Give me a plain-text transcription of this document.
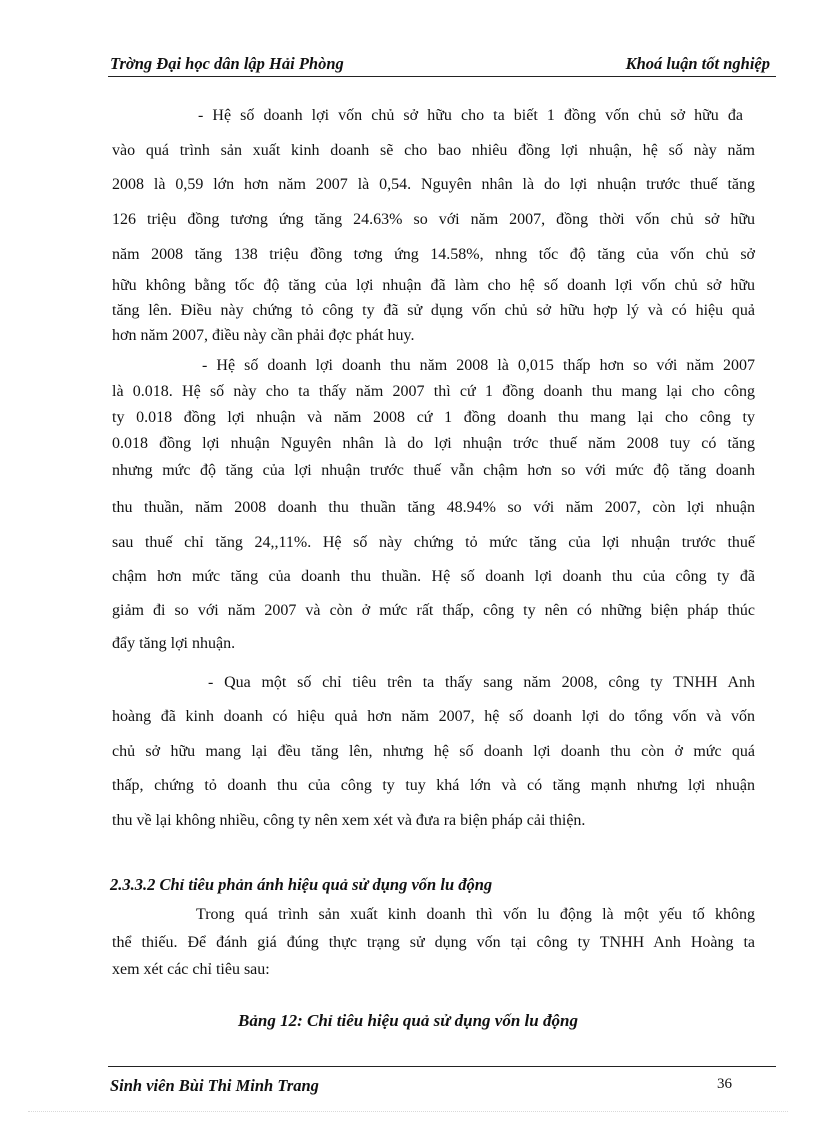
Trờng Đại học dân lập Hải Phòng	Khoá luận tốt nghiệp
- Hệ số doanh lợi vốn chủ sở hữu cho ta biết 1 đồng vốn chủ sở hữu đa
vào quá trình sản xuất kinh doanh sẽ cho bao nhiêu đồng lợi nhuận, hệ số này năm
2008 là 0,59 lớn hơn năm 2007 là 0,54. Nguyên nhân là do lợi nhuận trước thuế tăng
126 triệu đồng tương ứng tăng 24.63% so với năm 2007, đồng thời vốn chủ sở hữu
năm 2008 tăng 138 triệu đồng tơng ứng 14.58%, nhng tốc độ tăng của vốn chủ sở
hữu không bằng tốc độ tăng của lợi nhuận đã làm cho hệ số doanh lợi vốn chủ sở hữu
tăng lên. Điều này chứng tỏ công ty đã sử dụng vốn chủ sở hữu hợp lý và có hiệu quả
hơn năm 2007, điều này cần phải đợc phát huy.
- Hệ số doanh lợi doanh thu năm 2008 là 0,015 thấp hơn so với năm 2007
là 0.018. Hệ số này cho ta thấy năm 2007 thì cứ 1 đồng doanh thu mang lại cho công
ty 0.018 đồng lợi nhuận và năm 2008 cứ 1 đồng doanh thu mang lại cho công ty
0.018 đồng lợi nhuận Nguyên nhân là do lợi nhuận trớc thuế năm 2008 tuy có tăng
nhưng mức độ tăng của lợi nhuận trước thuế vẫn chậm hơn so với mức độ tăng doanh
thu thuần, năm 2008 doanh thu thuần tăng 48.94% so với năm 2007, còn lợi nhuận
sau thuế chỉ tăng 24,,11%. Hệ số này chứng tỏ mức tăng của lợi nhuận trước thuế
chậm hơn mức tăng của doanh thu thuần. Hệ số doanh lợi doanh thu của công ty đã
giảm đi so với năm 2007 và còn ở mức rất thấp, công ty nên có những biện pháp thúc
đẩy tăng lợi nhuận.
- Qua một số chỉ tiêu trên ta thấy sang năm 2008, công ty TNHH Anh
hoàng đã kinh doanh có hiệu quả hơn năm 2007, hệ số doanh lợi do tổng vốn và vốn
chủ sở hữu mang lại đều tăng lên, nhưng hệ số doanh lợi doanh thu còn ở mức quá
thấp, chứng tỏ doanh thu của công ty tuy khá lớn và có tăng mạnh nhưng lợi nhuận
thu về lại không nhiều, công ty nên xem xét và đưa ra biện pháp cải thiện.
2.3.3.2 Chỉ tiêu phản ánh hiệu quả sử dụng vốn lu động
Trong quá trình sản xuất kinh doanh thì vốn lu động là một yếu tố không
thể thiếu. Để đánh giá đúng thực trạng sử dụng vốn tại công ty TNHH Anh Hoàng ta
xem xét các chỉ tiêu sau:
Bảng 12: Chỉ tiêu hiệu quả sử dụng vốn lu động
Sinh viên Bùi Thi Minh Trang	36
